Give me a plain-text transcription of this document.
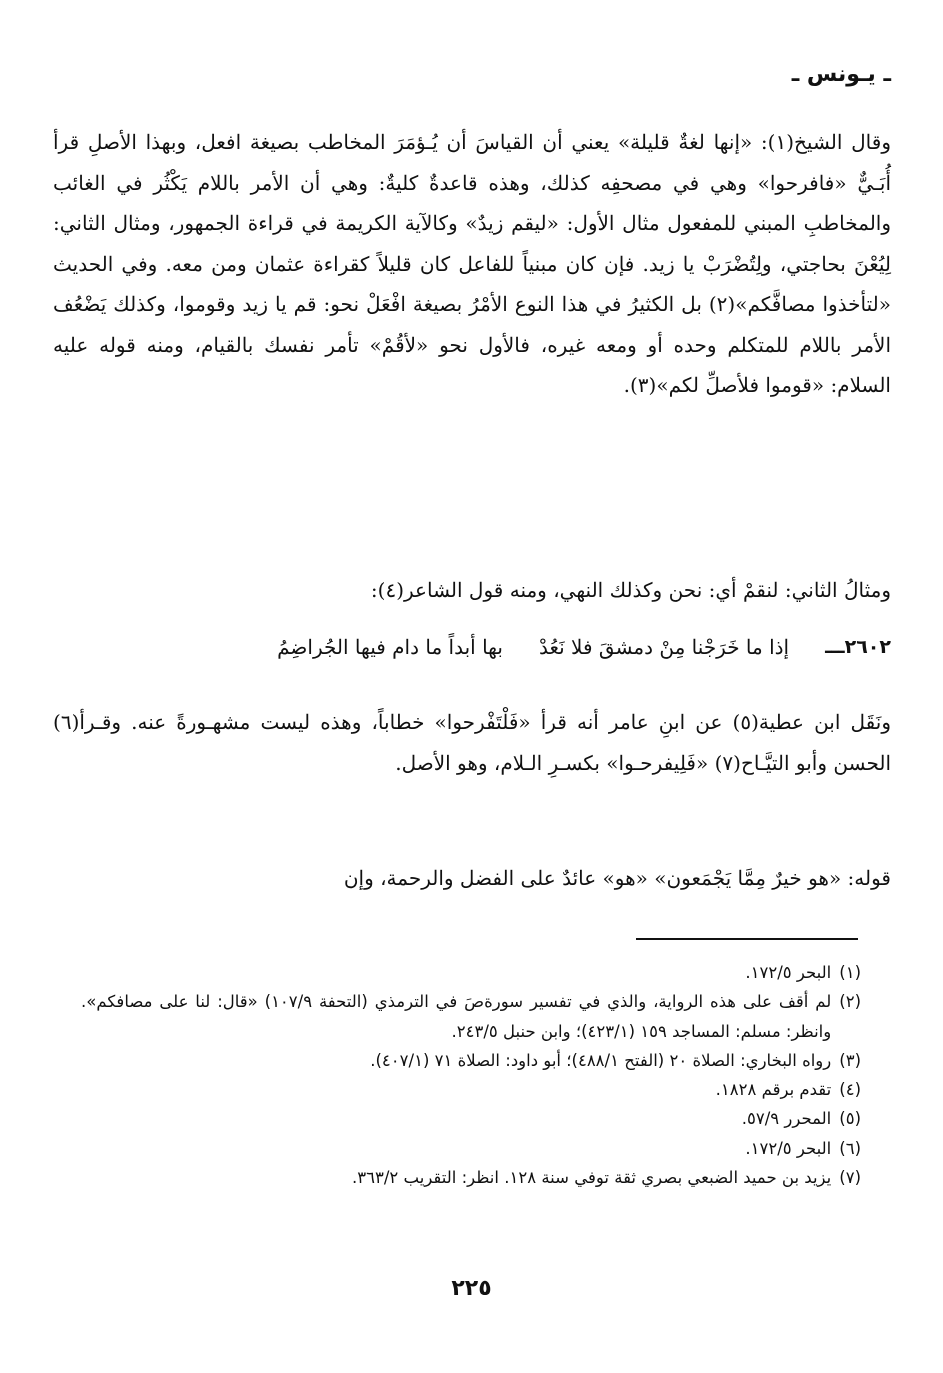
ـ يـونس ـ

وقال الشيخ(١): «إنها لغةٌ قليلة» يعني أن القياسَ أن يُـؤمَرَ المخاطب بصيغة افعل، وبهذا الأصلِ قرأ أُبَـيٌّ «فافرحوا» وهي في مصحفِه كذلك، وهذه قاعدةٌ كليةٌ: وهي أن الأمر باللام يَكْثُر في الغائب والمخاطبِ المبني للمفعول مثال الأول: «ليقم زيدٌ» وكالآية الكريمة في قراءة الجمهور، ومثال الثاني: لِيُعْنَ بحاجتي، ولِتُضْرَبْ يا زيد. فإن كان مبنياً للفاعل كان قليلاً كقراءة عثمان ومن معه. وفي الحديث «لتأخذوا مصافَّكم»(٢) بل الكثيرُ في هذا النوع الأمْرُ بصيغة افْعَلْ نحو: قم يا زيد وقوموا، وكذلك يَضْعُف الأمر باللام للمتكلم وحده أو ومعه غيره، فالأول نحو «لأقُمْ» تأمر نفسك بالقيام، ومنه قوله عليه السلام: «قوموا فلأصلِّ لكم»(٣).

ومثالُ الثاني: لنقمْ أي: نحن وكذلك النهي، ومنه قول الشاعر(٤):

٢٦٠٢ـــ
إذا ما خَرَجْنا مِنْ دمشقَ فلا نَعُدْ
بها أبداً ما دام فيها الجُراضِمُ

ونَقَل ابن عطية(٥) عن ابنِ عامر أنه قرأ «فَلْتَفْرحوا» خطاباً، وهذه ليست مشهـورةً عنه. وقـرأ(٦) الحسن وأبو التيَّـاح(٧) «فَلِيفرحـوا» بكسـرِ الـلام، وهو الأصل.

قوله: «هو خيرٌ مِمَّا يَجْمَعون» «هو» عائدٌ على الفضل والرحمة، وإن

(١)
البحر ١٧٢/٥.
(٢)
لم أقف على هذه الرواية، والذي في تفسير سورةصَ في الترمذي (التحفة ١٠٧/٩) «قال: لنا على مصافكم». وانظر: مسلم: المساجد ١٥٩ (٤٢٣/١)؛ وابن حنبل ٢٤٣/٥.
(٣)
رواه البخاري: الصلاة ٢٠ (الفتح ٤٨٨/١)؛ أبو داود: الصلاة ٧١ (٤٠٧/١).
(٤)
تقدم برقم ١٨٢٨.
(٥)
المحرر ٥٧/٩.
(٦)
البحر ١٧٢/٥.
(٧)
يزيد بن حميد الضبعي بصري ثقة توفي سنة ١٢٨. انظر: التقريب ٣٦٣/٢.
٢٢٥
